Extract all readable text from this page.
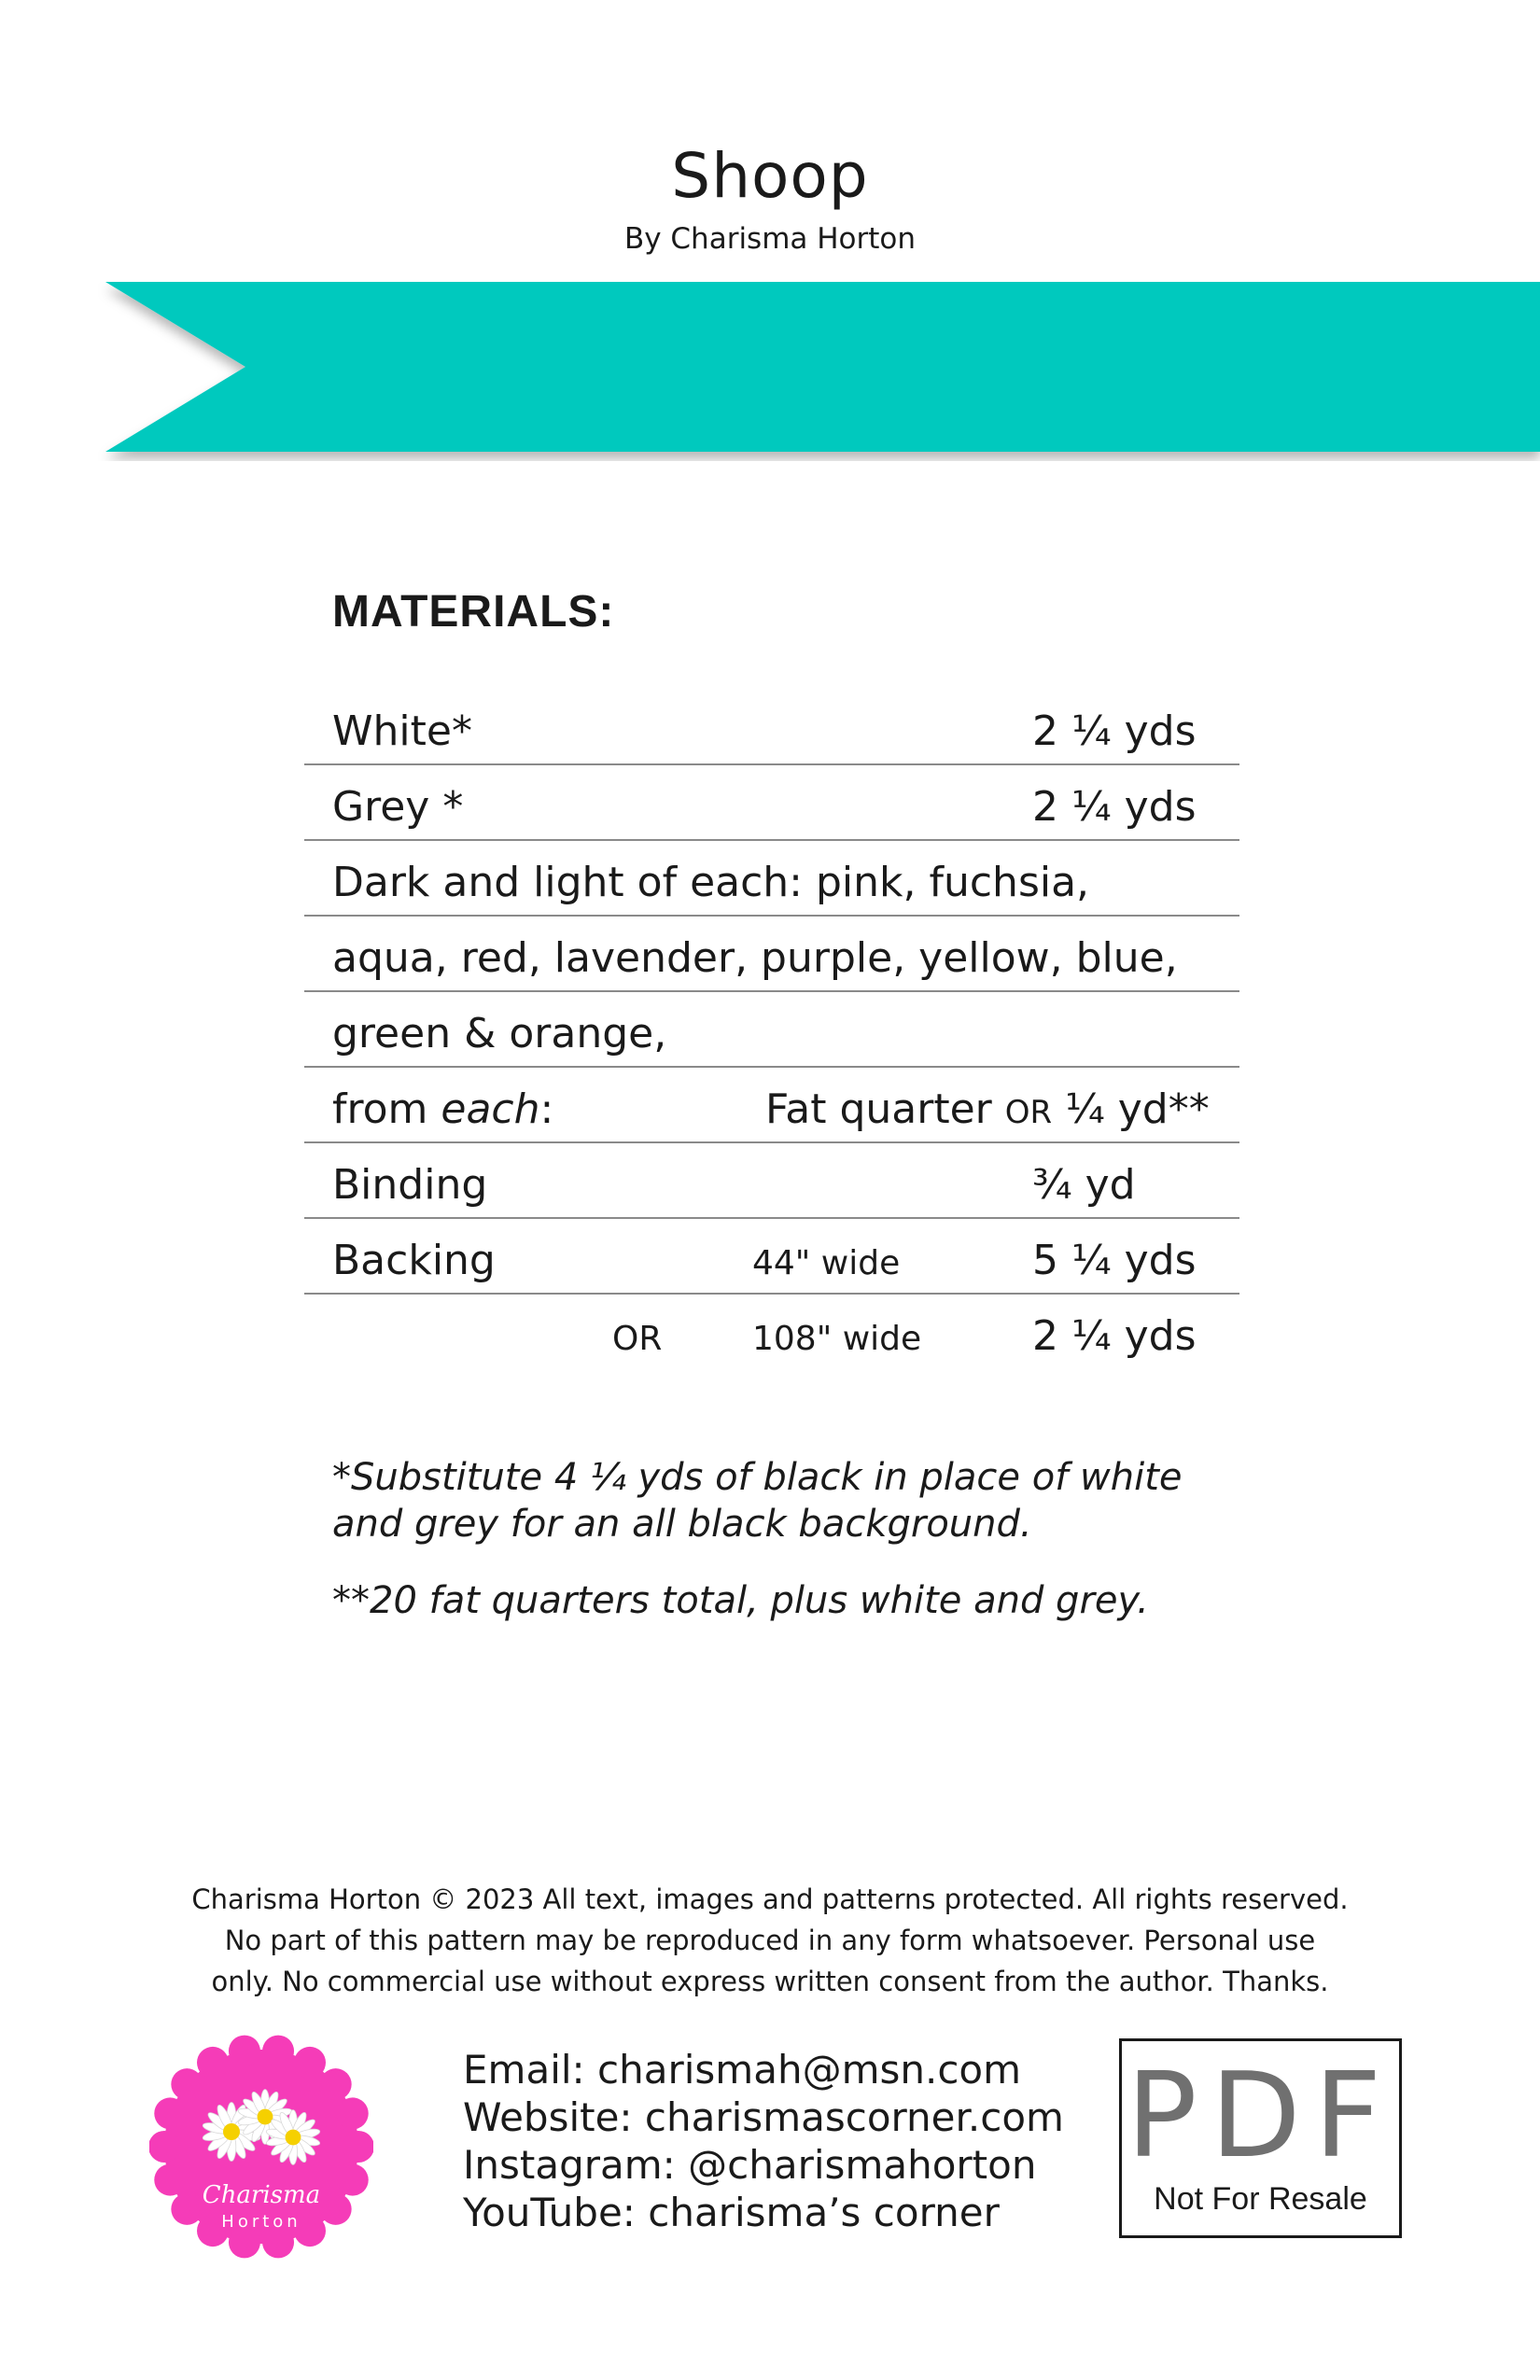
Shoop
By Charisma Horton
MATERIALS:
White*	2 ¼ yds
Grey *	2 ¼ yds
Dark and light of each: pink, fuchsia,
aqua, red, lavender, purple, yellow, blue,
green & orange,
from each:	Fat quarter OR ¼ yd**
Binding	¾ yd
Backing	44" wide	5 ¼ yds
OR	108" wide	2 ¼ yds
*Substitute 4 ¼ yds of black in place of white and grey for an all black background.
**20 fat quarters total, plus white and grey.
Charisma Horton © 2023 All text, images and patterns protected. All rights reserved.
No part of this pattern may be reproduced in any form whatsoever. Personal use
only. No commercial use without express written consent from the author. Thanks.
Charisma
Horton
Email: charismah@msn.com
Website: charismascorner.com
Instagram: @charismahorton
YouTube: charisma’s corner
PDF
Not For Resale
